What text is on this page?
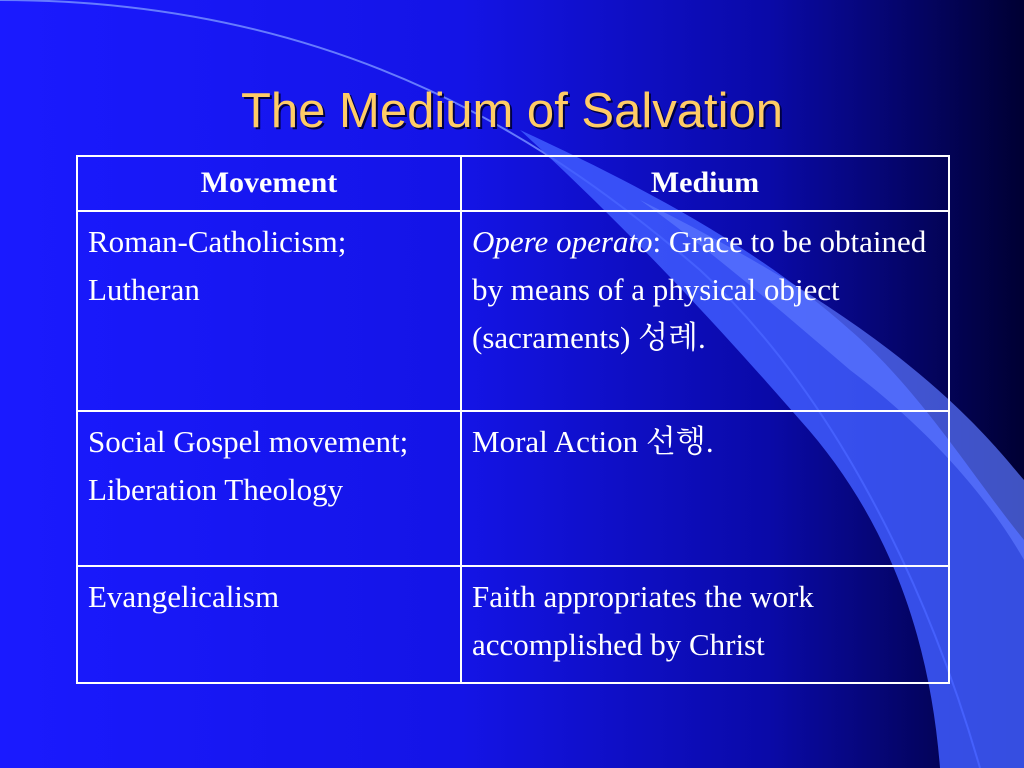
The Medium of Salvation
Movement	Medium

Roman-Catholicism; Lutheran	Opere operato: Grace to be obtained by means of a physical object (sacraments) 성례.

Social Gospel movement; Liberation Theology	Moral Action 선행.

Evangelicalism	Faith appropriates the work accomplished by Christ
